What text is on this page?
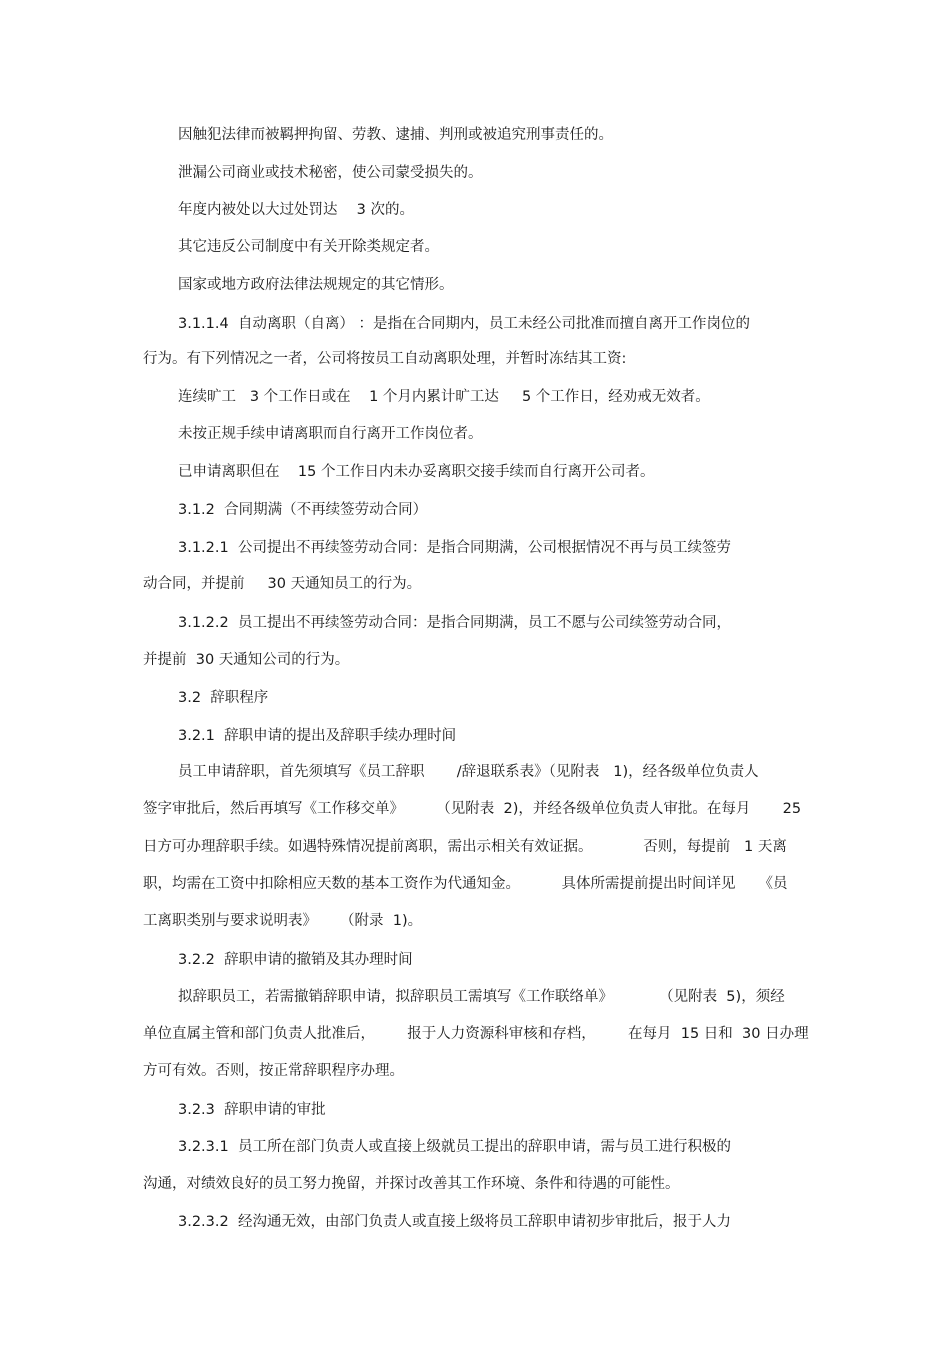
因触犯法律而被羁押拘留、劳教、逮捕、判刑或被追究刑事责任的。
泄漏公司商业或技术秘密，使公司蒙受损失的。
年度内被处以大过处罚达　 3 次的。
其它违反公司制度中有关开除类规定者。
国家或地方政府法律法规规定的其它情形。
3.1.1.4  自动离职（自离） ：是指在合同期内，员工未经公司批准而擅自离开工作岗位的
行为。有下列情况之一者，公司将按员工自动离职处理，并暂时冻结其工资:
连续旷工   3 个工作日或在    1 个月内累计旷工达     5 个工作日，经劝戒无效者。
未按正规手续申请离职而自行离开工作岗位者。
已申请离职但在    15 个工作日内未办妥离职交接手续而自行离开公司者。
3.1.2  合同期满（不再续签劳动合同）
3.1.2.1  公司提出不再续签劳动合同：是指合同期满，公司根据情况不再与员工续签劳
动合同，并提前     30 天通知员工的行为。
3.1.2.2  员工提出不再续签劳动合同：是指合同期满，员工不愿与公司续签劳动合同，
并提前  30 天通知公司的行为。
3.2  辞职程序
3.2.1  辞职申请的提出及辞职手续办理时间
员工申请辞职，首先须填写《员工辞职       /辞退联系表》（见附表   1)，经各级单位负责人
签字审批后，然后再填写《工作移交单》       （见附表  2)，并经各级单位负责人审批。在每月       25
日方可办理辞职手续。如遇特殊情况提前离职，需出示相关有效证据。           否则，每提前   1 天离
职，均需在工资中扣除相应天数的基本工资作为代通知金。         具体所需提前提出时间详见     《员
工离职类别与要求说明表》     （附录  1)。
3.2.2  辞职申请的撤销及其办理时间
拟辞职员工，若需撤销辞职申请，拟辞职员工需填写《工作联络单》          （见附表  5)，须经
单位直属主管和部门负责人批准后，       报于人力资源科审核和存档，       在每月  15 日和  30 日办理
方可有效。否则，按正常辞职程序办理。
3.2.3  辞职申请的审批
3.2.3.1  员工所在部门负责人或直接上级就员工提出的辞职申请，需与员工进行积极的
沟通，对绩效良好的员工努力挽留，并探讨改善其工作环境、条件和待遇的可能性。
3.2.3.2  经沟通无效，由部门负责人或直接上级将员工辞职申请初步审批后，报于人力
